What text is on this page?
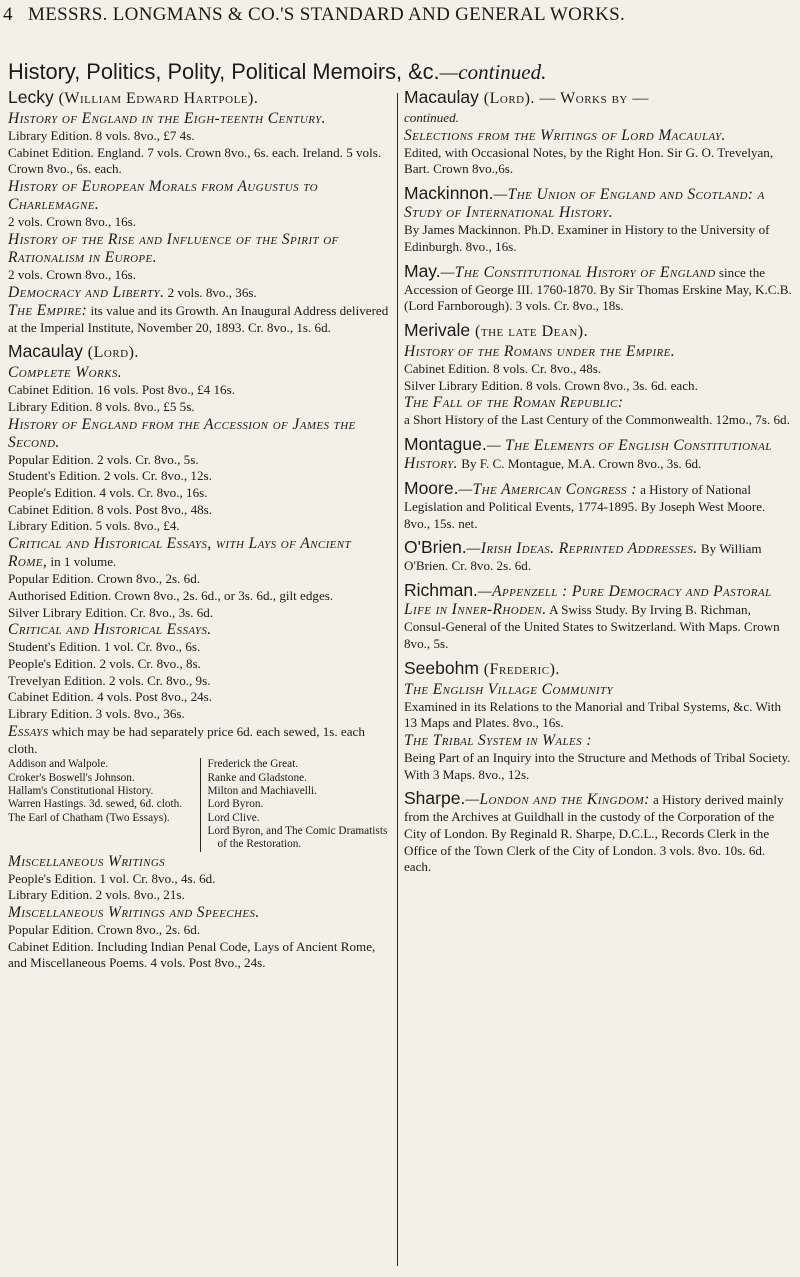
4 MESSRS. LONGMANS & CO.'S STANDARD AND GENERAL WORKS.
History, Politics, Polity, Political Memoirs, &c.—continued.
Lecky (William Edward Hartpole).
History of England in the Eigh-teenth Century.
Library Edition. 8 vols. 8vo., £7 4s.
Cabinet Edition. England. 7 vols. Crown 8vo., 6s. each. Ireland. 5 vols. Crown 8vo., 6s. each.
History of European Morals from Augustus to Charlemagne.
2 vols. Crown 8vo., 16s.
History of the Rise and Influence of the Spirit of Rationalism in Europe.
2 vols. Crown 8vo., 16s.
Democracy and Liberty. 2 vols. 8vo., 36s.
The Empire: its value and its Growth. An Inaugural Address delivered at the Imperial Institute, November 20, 1893. Cr. 8vo., 1s. 6d.
Macaulay (Lord).
Complete Works.
Cabinet Edition. 16 vols. Post 8vo., £4 16s.
Library Edition. 8 vols. 8vo., £5 5s.
History of England from the Accession of James the Second.
Popular Edition. 2 vols. Cr. 8vo., 5s.
Student's Edition. 2 vols. Cr. 8vo., 12s.
People's Edition. 4 vols. Cr. 8vo., 16s.
Cabinet Edition. 8 vols. Post 8vo., 48s.
Library Edition. 5 vols. 8vo., £4.
Critical and Historical Essays, with Lays of Ancient Rome, in 1 volume.
Popular Edition. Crown 8vo., 2s. 6d.
Authorised Edition. Crown 8vo., 2s. 6d., or 3s. 6d., gilt edges.
Silver Library Edition. Cr. 8vo., 3s. 6d.
Critical and Historical Essays.
Student's Edition. 1 vol. Cr. 8vo., 6s.
People's Edition. 2 vols. Cr. 8vo., 8s.
Trevelyan Edition. 2 vols. Cr. 8vo., 9s.
Cabinet Edition. 4 vols. Post 8vo., 24s.
Library Edition. 3 vols. 8vo., 36s.
Essays which may be had separately price 6d. each sewed, 1s. each cloth.
Addison and Walpole.
Croker's Boswell's Johnson.
Hallam's Constitutional History.
Warren Hastings. 3d. sewed, 6d. cloth.
The Earl of Chatham (Two Essays).
Frederick the Great.
Ranke and Gladstone.
Milton and Machiavelli.
Lord Byron.
Lord Clive.
Lord Byron, and The Comic Dramatists of the Restoration.
Miscellaneous Writings
People's Edition. 1 vol. Cr. 8vo., 4s. 6d.
Library Edition. 2 vols. 8vo., 21s.
Miscellaneous Writings and Speeches.
Popular Edition. Crown 8vo., 2s. 6d.
Cabinet Edition. Including Indian Penal Code, Lays of Ancient Rome, and Miscellaneous Poems. 4 vols. Post 8vo., 24s.
Macaulay (Lord). — Works by —
continued.
Selections from the Writings of Lord Macaulay.
Edited, with Occasional Notes, by the Right Hon. Sir G. O. Trevelyan, Bart. Crown 8vo.,6s.
Mackinnon.—The Union of England and Scotland: a Study of International History.
By James Mackinnon. Ph.D. Examiner in History to the University of Edinburgh. 8vo., 16s.
May.—The Constitutional History of England since the Accession of George III. 1760-1870. By Sir Thomas Erskine May, K.C.B. (Lord Farnborough). 3 vols. Cr. 8vo., 18s.
Merivale (the late Dean).
History of the Romans under the Empire.
Cabinet Edition. 8 vols. Cr. 8vo., 48s.
Silver Library Edition. 8 vols. Crown 8vo., 3s. 6d. each.
The Fall of the Roman Republic:
a Short History of the Last Century of the Commonwealth. 12mo., 7s. 6d.
Montague.— The Elements of English Constitutional History. By F. C. Montague, M.A. Crown 8vo., 3s. 6d.
Moore.—The American Congress : a History of National Legislation and Political Events, 1774-1895. By Joseph West Moore. 8vo., 15s. net.
O'Brien.—Irish Ideas. Reprinted Addresses. By William O'Brien. Cr. 8vo. 2s. 6d.
Richman.—Appenzell : Pure Democracy and Pastoral Life in Inner-Rhoden. A Swiss Study. By Irving B. Richman, Consul-General of the United States to Switzerland. With Maps. Crown 8vo., 5s.
Seebohm (Frederic).
The English Village Community
Examined in its Relations to the Manorial and Tribal Systems, &c. With 13 Maps and Plates. 8vo., 16s.
The Tribal System in Wales :
Being Part of an Inquiry into the Structure and Methods of Tribal Society. With 3 Maps. 8vo., 12s.
Sharpe.—London and the Kingdom: a History derived mainly from the Archives at Guildhall in the custody of the Corporation of the City of London. By Reginald R. Sharpe, D.C.L., Records Clerk in the Office of the Town Clerk of the City of London. 3 vols. 8vo. 10s. 6d. each.
